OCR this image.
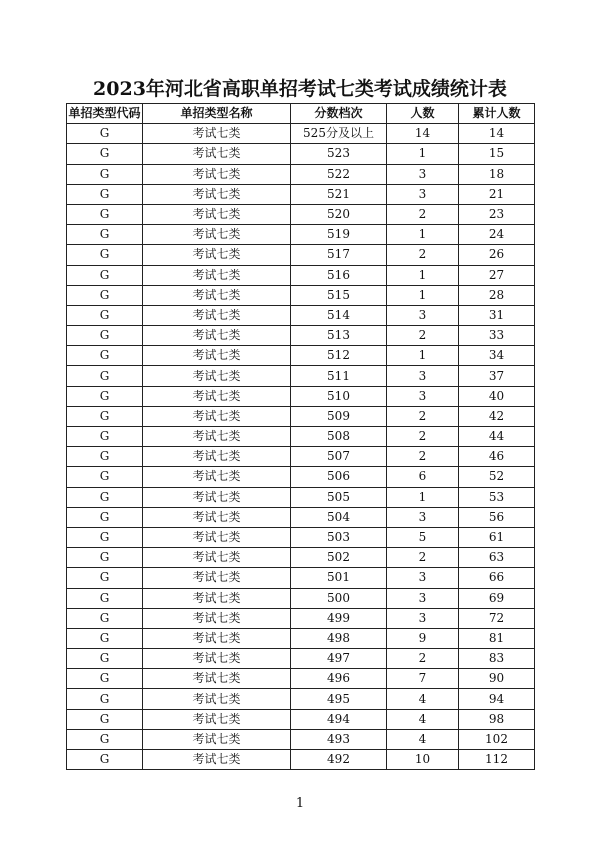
2023年河北省高职单招考试七类考试成绩统计表
单招类型代码	单招类型名称	分数档次	人数	累计人数
G	考试七类	525分及以上	14	14
G	考试七类	523	1	15
G	考试七类	522	3	18
G	考试七类	521	3	21
G	考试七类	520	2	23
G	考试七类	519	1	24
G	考试七类	517	2	26
G	考试七类	516	1	27
G	考试七类	515	1	28
G	考试七类	514	3	31
G	考试七类	513	2	33
G	考试七类	512	1	34
G	考试七类	511	3	37
G	考试七类	510	3	40
G	考试七类	509	2	42
G	考试七类	508	2	44
G	考试七类	507	2	46
G	考试七类	506	6	52
G	考试七类	505	1	53
G	考试七类	504	3	56
G	考试七类	503	5	61
G	考试七类	502	2	63
G	考试七类	501	3	66
G	考试七类	500	3	69
G	考试七类	499	3	72
G	考试七类	498	9	81
G	考试七类	497	2	83
G	考试七类	496	7	90
G	考试七类	495	4	94
G	考试七类	494	4	98
G	考试七类	493	4	102
G	考试七类	492	10	112
1
